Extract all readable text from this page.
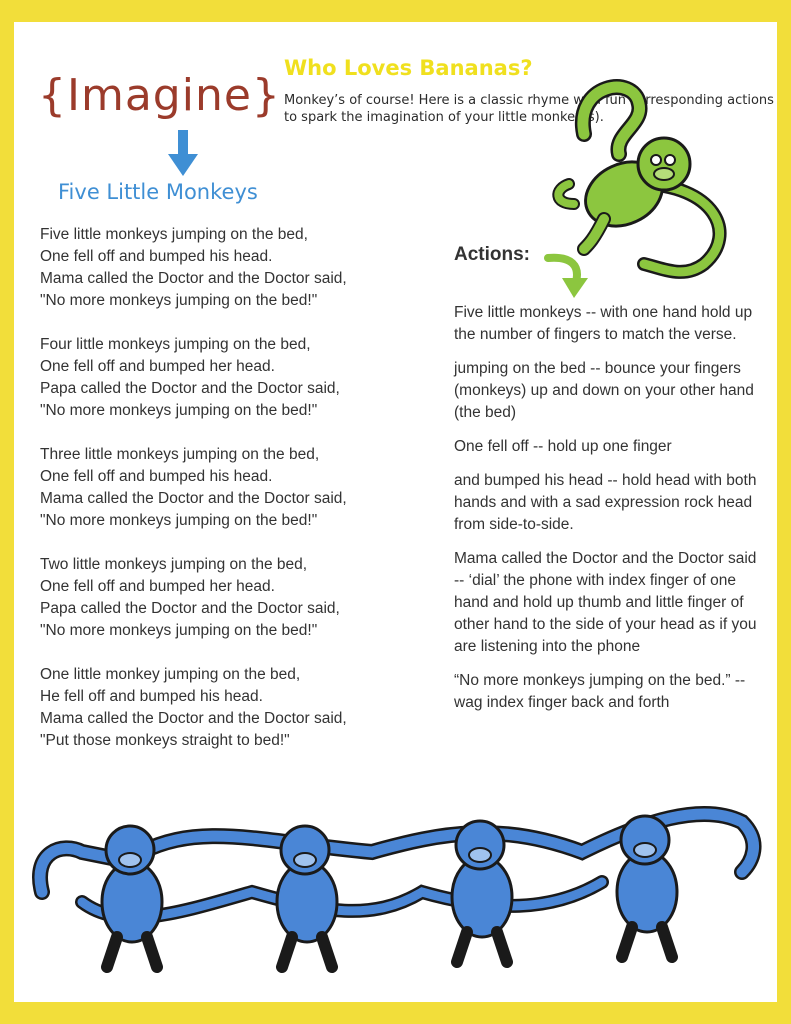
{Imagine}
Five Little Monkeys
Who Loves Bananas?
Monkey’s of course! Here is a classic rhyme with fun corresponding actions to spark the imagination of your little monkey(s).
Five little monkeys jumping on the bed,
One fell off and bumped his head.
Mama called the Doctor and the Doctor said,
"No more monkeys jumping on the bed!"
Four little monkeys jumping on the bed,
One fell off and bumped her head.
Papa called the Doctor and the Doctor said,
"No more monkeys jumping on the bed!"
Three little monkeys jumping on the bed,
One fell off and bumped his head.
Mama called the Doctor and the Doctor said,
"No more monkeys jumping on the bed!"
Two little monkeys jumping on the bed,
One fell off and bumped her head.
Papa called the Doctor and the Doctor said,
"No more monkeys jumping on the bed!"
One little monkey jumping on the bed,
He fell off and bumped his head.
Mama called the Doctor and the Doctor said,
"Put those monkeys straight to bed!"
Actions:

Five little monkeys -- with one hand hold up the number of fingers to match the verse.

jumping on the bed -- bounce your fingers (monkeys) up and down on your other hand (the bed)

One fell off -- hold up one finger

and bumped his head -- hold head with both hands and with a sad expression rock head from side-to-side.

Mama called the Doctor and the Doctor said -- ‘dial’ the phone with index finger of one hand and hold up thumb and little finger of other hand to the side of your head as if you are listening into the phone

“No more monkeys jumping on the bed.” -- wag index finger back and forth
